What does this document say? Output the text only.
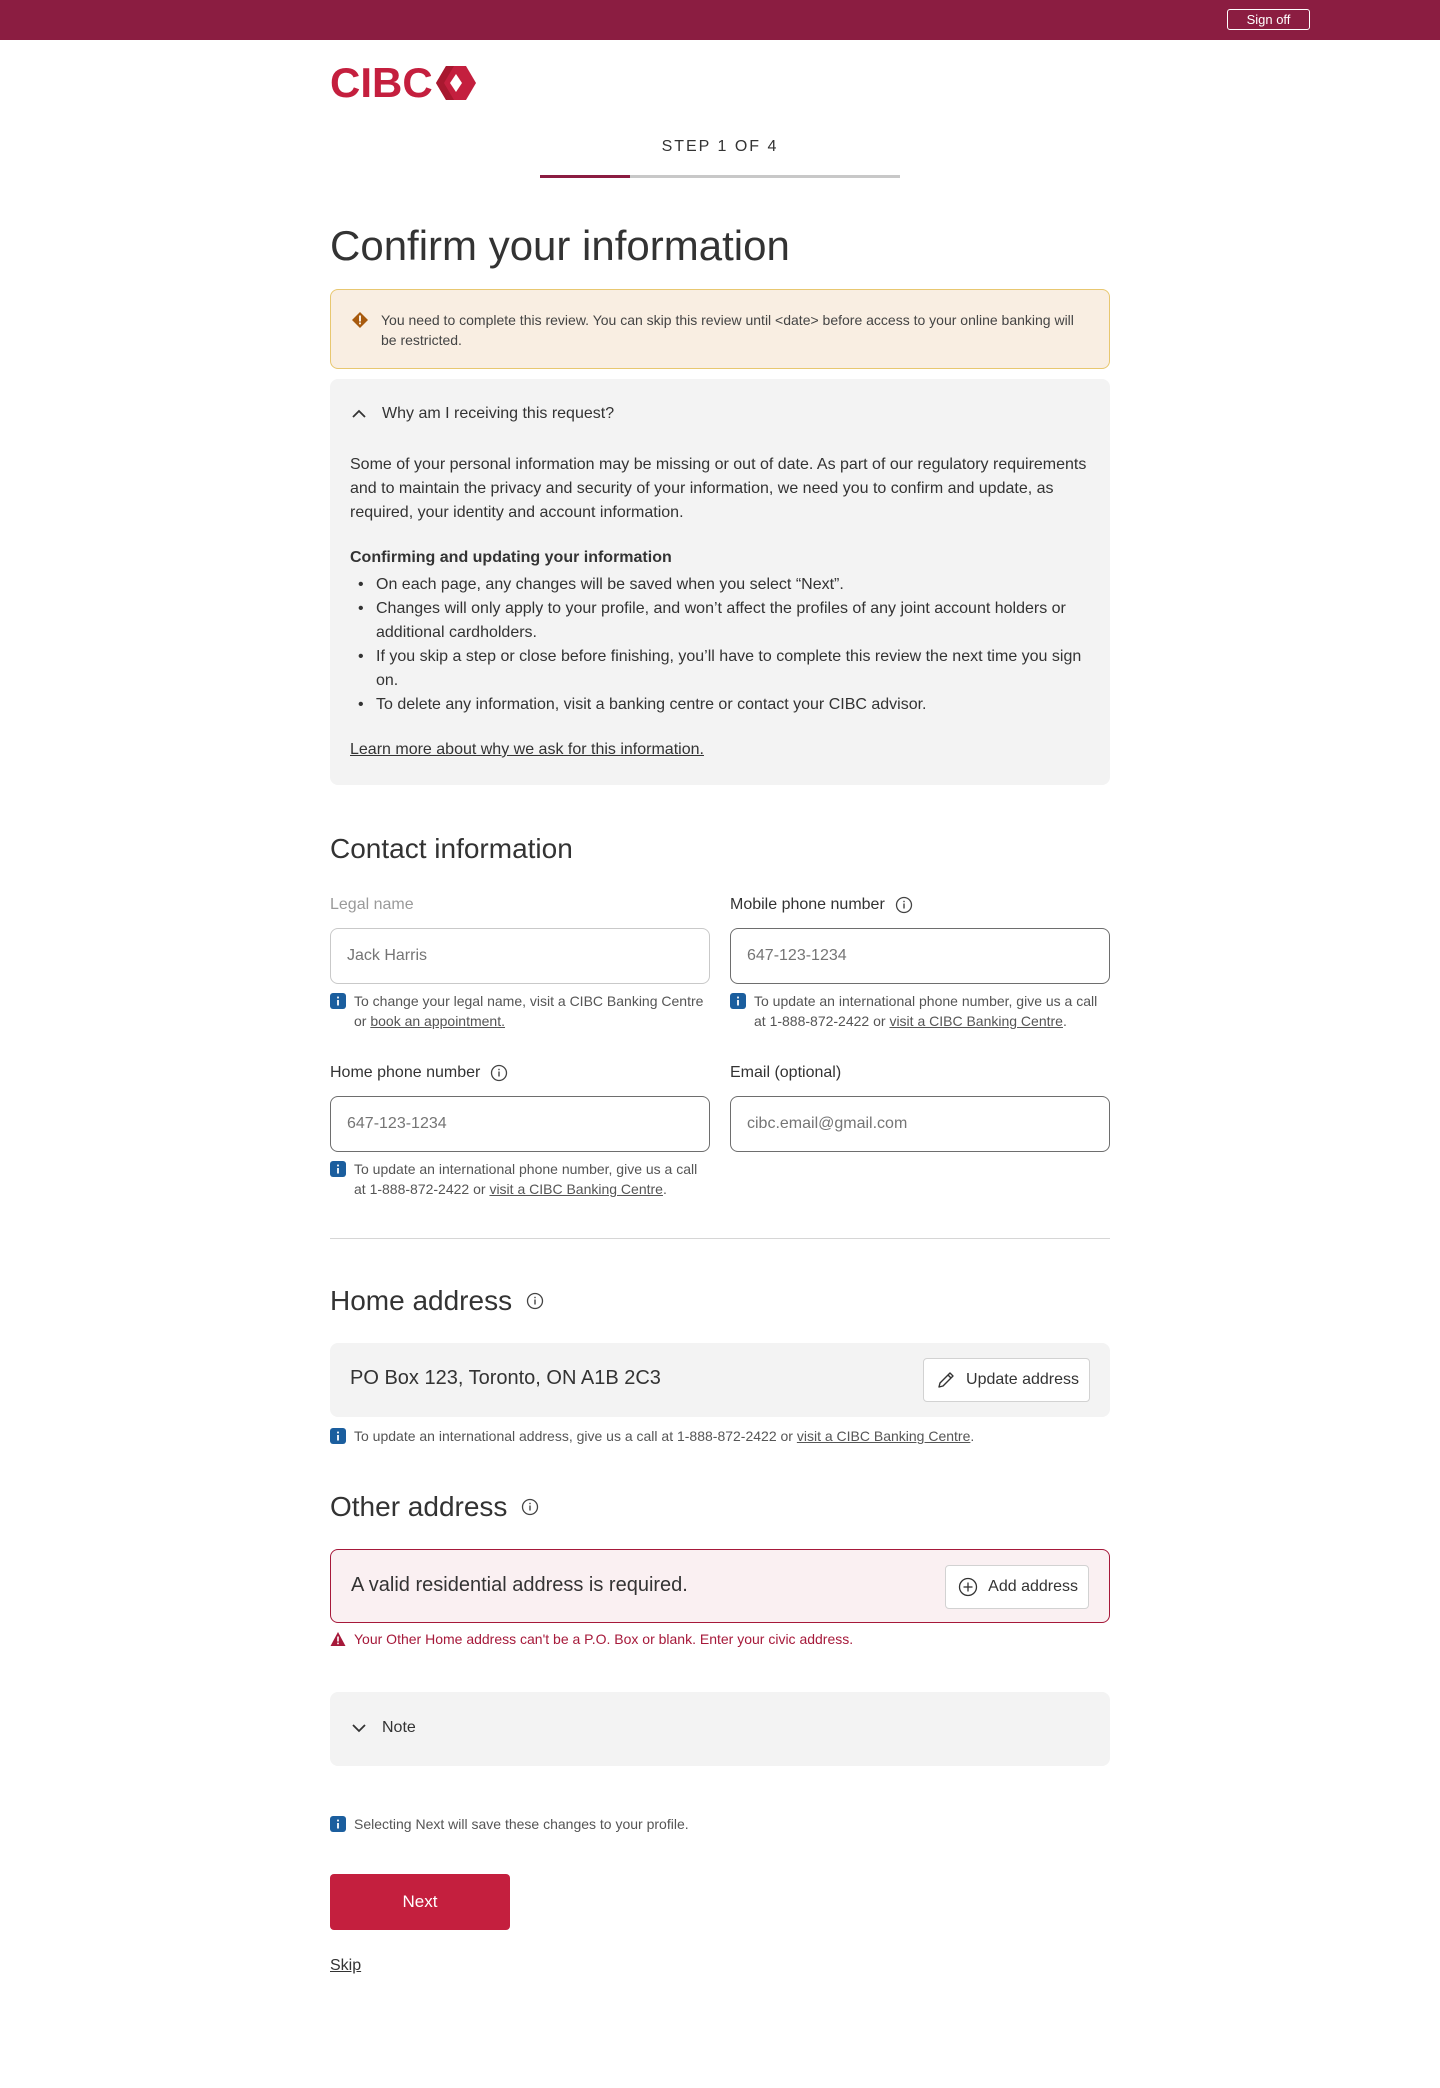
Sign off
CIBC
STEP 1 OF 4
Confirm your information
You need to complete this review. You can skip this review until <date> before access to your online banking will be restricted.
Why am I receiving this request?

Some of your personal information may be missing or out of date. As part of our regulatory requirements and to maintain the privacy and security of your information, we need you to confirm and update, as required, your identity and account information.

Confirming and updating your information
• On each page, any changes will be saved when you select “Next”.
• Changes will only apply to your profile, and won’t affect the profiles of any joint account holders or additional cardholders.
• If you skip a step or close before finishing, you’ll have to complete this review the next time you sign on.
• To delete any information, visit a banking centre or contact your CIBC advisor.
Learn more about why we ask for this information.
Contact information
Legal name
Jack Harris
To change your legal name, visit a CIBC Banking Centre or book an appointment.
Mobile phone number
647-123-1234
To update an international phone number, give us a call at 1-888-872-2422 or visit a CIBC Banking Centre.
Home phone number
647-123-1234
To update an international phone number, give us a call at 1-888-872-2422 or visit a CIBC Banking Centre.
Email (optional)
cibc.email@gmail.com
Home address
PO Box 123, Toronto, ON A1B 2C3	Update address
To update an international address, give us a call at 1-888-872-2422 or visit a CIBC Banking Centre.
Other address
A valid residential address is required.	Add address
Your Other Home address can't be a P.O. Box or blank. Enter your civic address.
Note
Selecting Next will save these changes to your profile.
Next
Skip
